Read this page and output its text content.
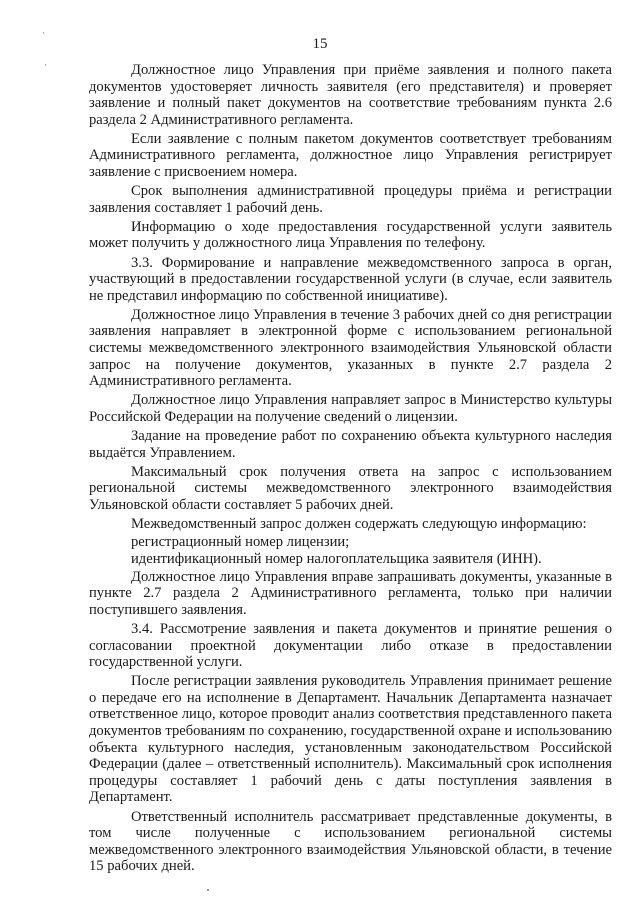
·
·
15

Должностное лицо Управления при приёме заявления и полного пакета документов удостоверяет личность заявителя (его представителя) и проверяет заявление и полный пакет документов на соответствие требованиям пункта 2.6 раздела 2 Административного регламента.

Если заявление с полным пакетом документов соответствует требованиям Административного регламента, должностное лицо Управления регистрирует заявление с присвоением номера.

Срок выполнения административной процедуры приёма и регистрации заявления составляет 1 рабочий день.

Информацию о ходе предоставления государственной услуги заявитель может получить у должностного лица Управления по телефону.

3.3. Формирование и направление межведомственного запроса в орган, участвующий в предоставлении государственной услуги (в случае, если заявитель не представил информацию по собственной инициативе).

Должностное лицо Управления в течение 3 рабочих дней со дня регистрации заявления направляет в электронной форме с использованием региональной системы межведомственного электронного взаимодействия Ульяновской области запрос на получение документов, указанных в пункте 2.7 раздела 2 Административного регламента.

Должностное лицо Управления направляет запрос в Министерство культуры Российской Федерации на получение сведений о лицензии.

Задание на проведение работ по сохранению объекта культурного наследия выдаётся Управлением.

Максимальный срок получения ответа на запрос с использованием региональной системы межведомственного электронного взаимодействия Ульяновской области составляет 5 рабочих дней.

Межведомственный запрос должен содержать следующую информацию:

регистрационный номер лицензии;

идентификационный номер налогоплательщика заявителя (ИНН).

Должностное лицо Управления вправе запрашивать документы, указанные в пункте 2.7 раздела 2 Административного регламента, только при наличии поступившего заявления.

3.4. Рассмотрение заявления и пакета документов и принятие решения о согласовании проектной документации либо отказе в предоставлении государственной услуги.

После регистрации заявления руководитель Управления принимает решение о передаче его на исполнение в Департамент. Начальник Департамента назначает ответственное лицо, которое проводит анализ соответствия представленного пакета документов требованиям по сохранению, государственной охране и использованию объекта культурного наследия, установленным законодательством Российской Федерации (далее – ответственный исполнитель). Максимальный срок исполнения процедуры составляет 1 рабочий день с даты поступления заявления в Департамент.

Ответственный исполнитель рассматривает представленные документы, в том числе полученные с использованием региональной системы межведомственного электронного взаимодействия Ульяновской области, в течение 15 рабочих дней.
